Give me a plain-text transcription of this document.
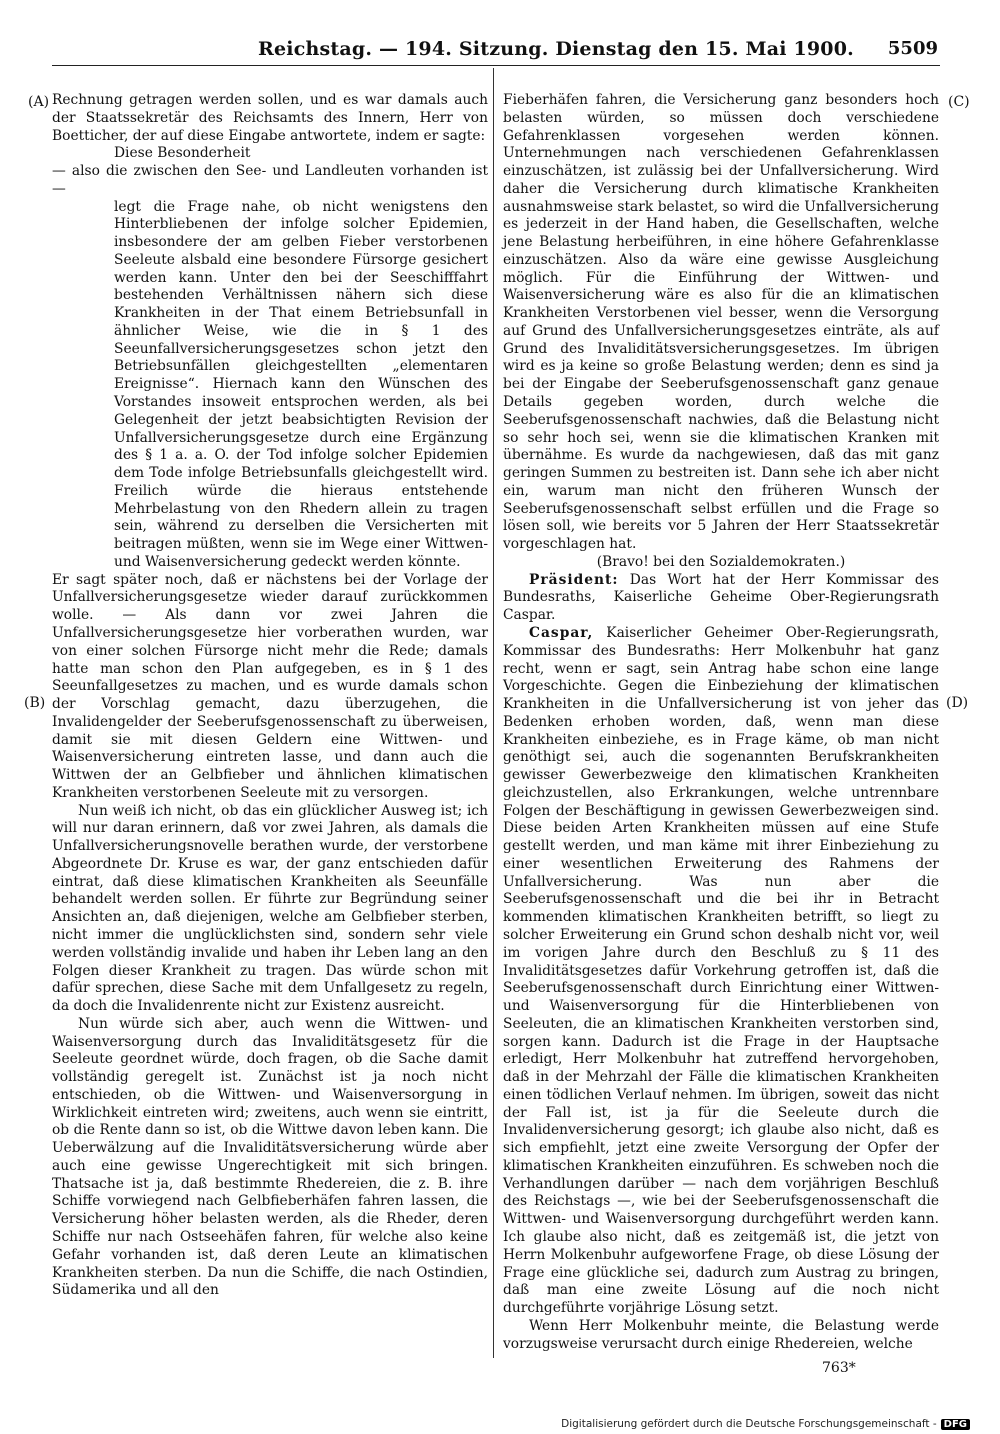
Reichstag. — 194. Sitzung. Dienstag den 15. Mai 1900. 5509
(A)
(B)
(C)
(D)

Rechnung getragen werden sollen, und es war damals auch der Staatssekretär des Reichsamts des Innern, Herr von Boetticher, der auf diese Eingabe antwortete, indem er sagte:

Diese Besonderheit

— also die zwischen den See- und Landleuten vorhanden ist —

legt die Frage nahe, ob nicht wenigstens den Hinterbliebenen der infolge solcher Epidemien, insbesondere der am gelben Fieber verstorbenen Seeleute alsbald eine besondere Fürsorge gesichert werden kann. Unter den bei der Seeschifffahrt bestehenden Verhältnissen nähern sich diese Krankheiten in der That einem Betriebsunfall in ähnlicher Weise, wie die in § 1 des Seeunfallversicherungsgesetzes schon jetzt den Betriebsunfällen gleichgestellten „elementaren Ereignisse“. Hiernach kann den Wünschen des Vorstandes insoweit entsprochen werden, als bei Gelegenheit der jetzt beabsichtigten Revision der Unfallversicherungsgesetze durch eine Ergänzung des § 1 a. a. O. der Tod infolge solcher Epidemien dem Tode infolge Betriebsunfalls gleichgestellt wird. Freilich würde die hieraus entstehende Mehrbelastung von den Rhedern allein zu tragen sein, während zu derselben die Versicherten mit beitragen müßten, wenn sie im Wege einer Wittwen- und Waisenversicherung gedeckt werden könnte.

Er sagt später noch, daß er nächstens bei der Vorlage der Unfallversicherungsgesetze wieder darauf zurückkommen wolle. — Als dann vor zwei Jahren die Unfallversicherungsgesetze hier vorberathen wurden, war von einer solchen Fürsorge nicht mehr die Rede; damals hatte man schon den Plan aufgegeben, es in § 1 des Seeunfallgesetzes zu machen, und es wurde damals schon der Vorschlag gemacht, dazu überzugehen, die Invalidengelder der Seeberufsgenossenschaft zu überweisen, damit sie mit diesen Geldern eine Wittwen- und Waisenversicherung eintreten lasse, und dann auch die Wittwen der an Gelbfieber und ähnlichen klimatischen Krankheiten verstorbenen Seeleute mit zu versorgen.

Nun weiß ich nicht, ob das ein glücklicher Ausweg ist; ich will nur daran erinnern, daß vor zwei Jahren, als damals die Unfallversicherungsnovelle berathen wurde, der verstorbene Abgeordnete Dr. Kruse es war, der ganz entschieden dafür eintrat, daß diese klimatischen Krankheiten als Seeunfälle behandelt werden sollen. Er führte zur Begründung seiner Ansichten an, daß diejenigen, welche am Gelbfieber sterben, nicht immer die unglücklichsten sind, sondern sehr viele werden vollständig invalide und haben ihr Leben lang an den Folgen dieser Krankheit zu tragen. Das würde schon mit dafür sprechen, diese Sache mit dem Unfallgesetz zu regeln, da doch die Invalidenrente nicht zur Existenz ausreicht.

Nun würde sich aber, auch wenn die Wittwen- und Waisenversorgung durch das Invaliditätsgesetz für die Seeleute geordnet würde, doch fragen, ob die Sache damit vollständig geregelt ist. Zunächst ist ja noch nicht entschieden, ob die Wittwen- und Waisenversorgung in Wirklichkeit eintreten wird; zweitens, auch wenn sie eintritt, ob die Rente dann so ist, ob die Wittwe davon leben kann. Die Ueberwälzung auf die Invaliditätsversicherung würde aber auch eine gewisse Ungerechtigkeit mit sich bringen. Thatsache ist ja, daß bestimmte Rhedereien, die z. B. ihre Schiffe vorwiegend nach Gelbfieberhäfen fahren lassen, die Versicherung höher belasten werden, als die Rheder, deren Schiffe nur nach Ostseehäfen fahren, für welche also keine Gefahr vorhanden ist, daß deren Leute an klimatischen Krankheiten sterben. Da nun die Schiffe, die nach Ostindien, Südamerika und all den

Fieberhäfen fahren, die Versicherung ganz besonders hoch belasten würden, so müssen doch verschiedene Gefahrenklassen vorgesehen werden können. Unternehmungen nach verschiedenen Gefahrenklassen einzuschätzen, ist zulässig bei der Unfallversicherung. Wird daher die Versicherung durch klimatische Krankheiten ausnahmsweise stark belastet, so wird die Unfallversicherung es jederzeit in der Hand haben, die Gesellschaften, welche jene Belastung herbeiführen, in eine höhere Gefahrenklasse einzuschätzen. Also da wäre eine gewisse Ausgleichung möglich. Für die Einführung der Wittwen- und Waisenversicherung wäre es also für die an klimatischen Krankheiten Verstorbenen viel besser, wenn die Versorgung auf Grund des Unfallversicherungsgesetzes einträte, als auf Grund des Invaliditätsversicherungsgesetzes. Im übrigen wird es ja keine so große Belastung werden; denn es sind ja bei der Eingabe der Seeberufsgenossenschaft ganz genaue Details gegeben worden, durch welche die Seeberufsgenossenschaft nachwies, daß die Belastung nicht so sehr hoch sei, wenn sie die klimatischen Kranken mit übernähme. Es wurde da nachgewiesen, daß das mit ganz geringen Summen zu bestreiten ist. Dann sehe ich aber nicht ein, warum man nicht den früheren Wunsch der Seeberufsgenossenschaft selbst erfüllen und die Frage so lösen soll, wie bereits vor 5 Jahren der Herr Staatssekretär vorgeschlagen hat.

(Bravo! bei den Sozialdemokraten.)

Präsident: Das Wort hat der Herr Kommissar des Bundesraths, Kaiserliche Geheime Ober-Regierungsrath Caspar.

Caspar, Kaiserlicher Geheimer Ober-Regierungsrath, Kommissar des Bundesraths: Herr Molkenbuhr hat ganz recht, wenn er sagt, sein Antrag habe schon eine lange Vorgeschichte. Gegen die Einbeziehung der klimatischen Krankheiten in die Unfallversicherung ist von jeher das Bedenken erhoben worden, daß, wenn man diese Krankheiten einbeziehe, es in Frage käme, ob man nicht genöthigt sei, auch die sogenannten Berufskrankheiten gewisser Gewerbezweige den klimatischen Krankheiten gleichzustellen, also Erkrankungen, welche untrennbare Folgen der Beschäftigung in gewissen Gewerbezweigen sind. Diese beiden Arten Krankheiten müssen auf eine Stufe gestellt werden, und man käme mit ihrer Einbeziehung zu einer wesentlichen Erweiterung des Rahmens der Unfallversicherung. Was nun aber die Seeberufsgenossenschaft und die bei ihr in Betracht kommenden klimatischen Krankheiten betrifft, so liegt zu solcher Erweiterung ein Grund schon deshalb nicht vor, weil im vorigen Jahre durch den Beschluß zu § 11 des Invaliditätsgesetzes dafür Vorkehrung getroffen ist, daß die Seeberufsgenossenschaft durch Einrichtung einer Wittwen- und Waisenversorgung für die Hinterbliebenen von Seeleuten, die an klimatischen Krankheiten verstorben sind, sorgen kann. Dadurch ist die Frage in der Hauptsache erledigt, Herr Molkenbuhr hat zutreffend hervorgehoben, daß in der Mehrzahl der Fälle die klimatischen Krankheiten einen tödlichen Verlauf nehmen. Im übrigen, soweit das nicht der Fall ist, ist ja für die Seeleute durch die Invalidenversicherung gesorgt; ich glaube also nicht, daß es sich empfiehlt, jetzt eine zweite Versorgung der Opfer der klimatischen Krankheiten einzuführen. Es schweben noch die Verhandlungen darüber — nach dem vorjährigen Beschluß des Reichstags —, wie bei der Seeberufsgenossenschaft die Wittwen- und Waisenversorgung durchgeführt werden kann. Ich glaube also nicht, daß es zeitgemäß ist, die jetzt von Herrn Molkenbuhr aufgeworfene Frage, ob diese Lösung der Frage eine glückliche sei, dadurch zum Austrag zu bringen, daß man eine zweite Lösung auf die noch nicht durchgeführte vorjährige Lösung setzt.

Wenn Herr Molkenbuhr meinte, die Belastung werde vorzugsweise verursacht durch einige Rhedereien, welche

763*
Digitalisierung gefördert durch die Deutsche Forschungsgemeinschaft - DFG
